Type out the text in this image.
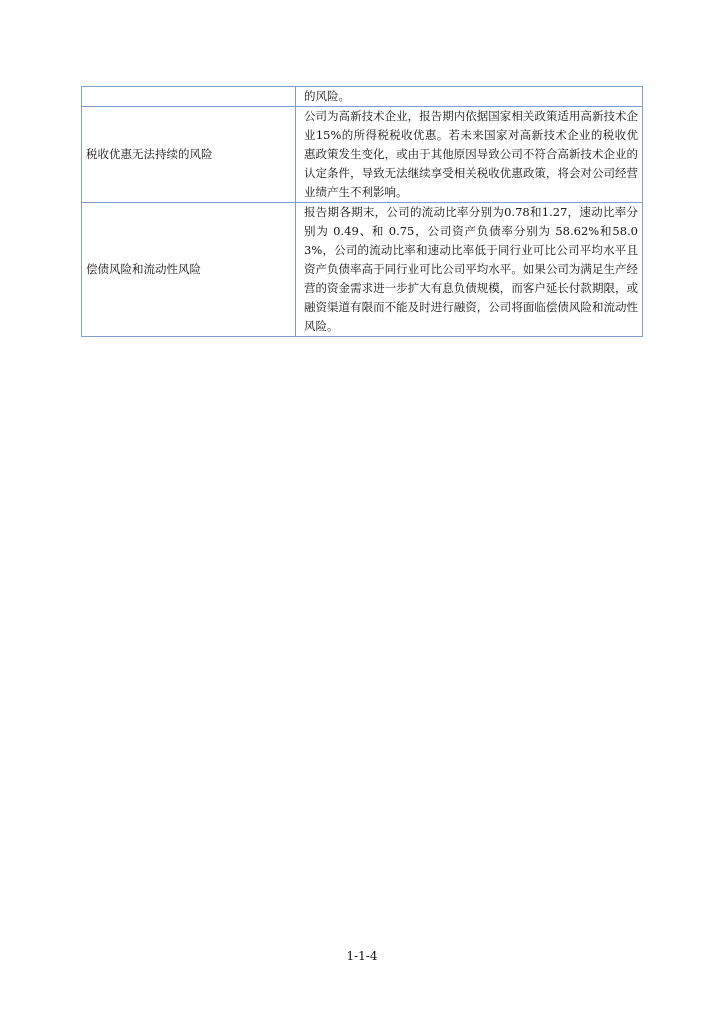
	的风险。
税收优惠无法持续的风险	公司为高新技术企业，报告期内依据国家相关政策适用高新技术企业15%的所得税税收优惠。若未来国家对高新技术企业的税收优惠政策发生变化，或由于其他原因导致公司不符合高新技术企业的认定条件，导致无法继续享受相关税收优惠政策，将会对公司经营业绩产生不利影响。
偿债风险和流动性风险	报告期各期末，公司的流动比率分别为0.78和1.27，速动比率分别为 0.49、和 0.75，公司资产负债率分别为 58.62%和58.03%，公司的流动比率和速动比率低于同行业可比公司平均水平且资产负债率高于同行业可比公司平均水平。如果公司为满足生产经营的资金需求进一步扩大有息负债规模，而客户延长付款期限，或融资渠道有限而不能及时进行融资，公司将面临偿债风险和流动性风险。
1-1-4
